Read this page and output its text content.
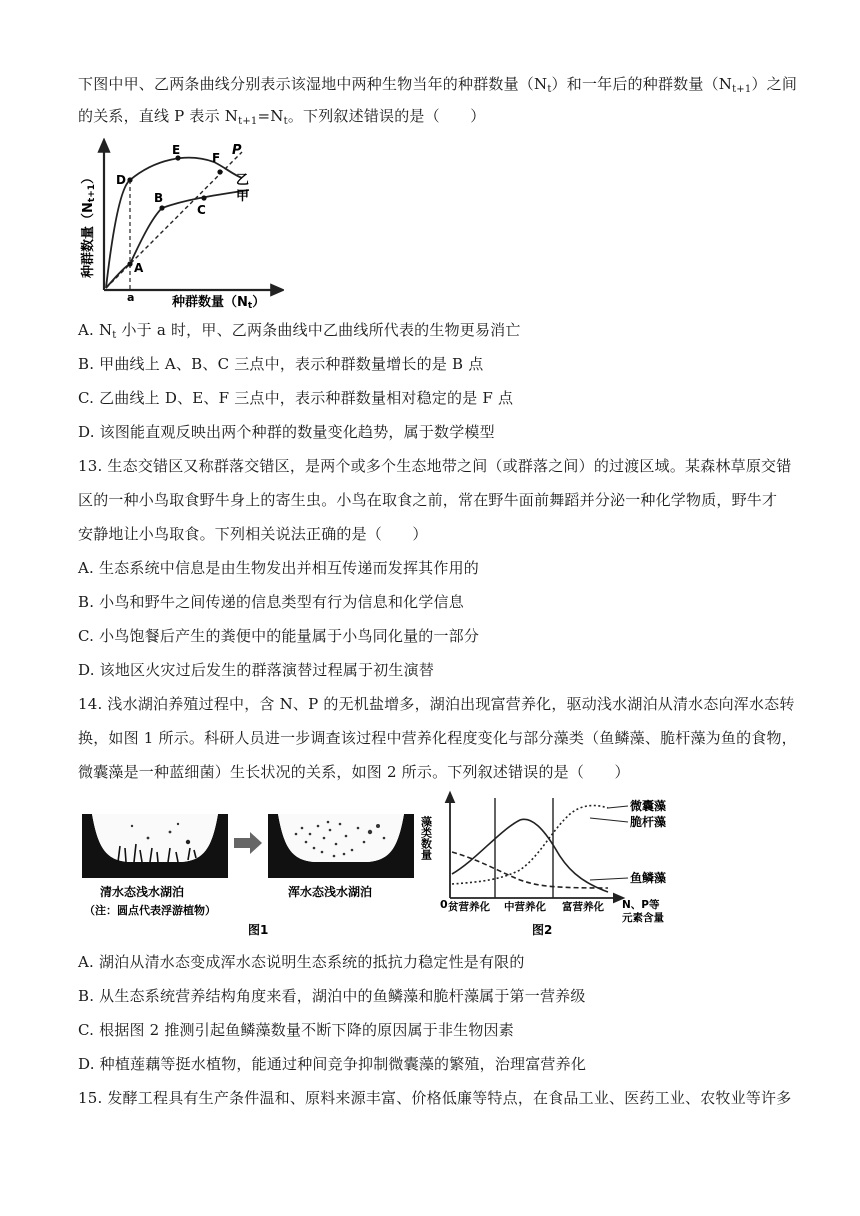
下图中甲、乙两条曲线分别表示该湿地中两种生物当年的种群数量$(N_t)$和一年后的种群数量$(N_{t+1})$之间
的关系，直线 P 表示 $N_{t+1}=N_t$。下列叙述错误的是（　　）
A
B
C
D
E
F P
乙
甲
a	种群数量（Nt）
种群数量（Nt+1）
A. $N_t$ 小于 a 时，甲、乙两条曲线中乙曲线所代表的生物更易消亡
B. 甲曲线上 A、B、C 三点中，表示种群数量增长的是 B 点
C. 乙曲线上 D、E、F 三点中，表示种群数量相对稳定的是 F 点
D. 该图能直观反映出两个种群的数量变化趋势，属于数学模型
13. 生态交错区又称群落交错区，是两个或多个生态地带之间（或群落之间）的过渡区域。某森林草原交错
区的一种小鸟取食野牛身上的寄生虫。小鸟在取食之前，常在野牛面前舞蹈并分泌一种化学物质，野牛才
安静地让小鸟取食。下列相关说法正确的是（　　）
A. 生态系统中信息是由生物发出并相互传递而发挥其作用的
B. 小鸟和野牛之间传递的信息类型有行为信息和化学信息
C. 小鸟饱餐后产生的粪便中的能量属于小鸟同化量的一部分
D. 该地区火灾过后发生的群落演替过程属于初生演替
14. 浅水湖泊养殖过程中，含 N、P 的无机盐增多，湖泊出现富营养化，驱动浅水湖泊从清水态向浑水态转
换，如图 1 所示。科研人员进一步调查该过程中营养化程度变化与部分藻类（鱼鳞藻、脆杆藻为鱼的食物，
微囊藻是一种蓝细菌）生长状况的关系，如图 2 所示。下列叙述错误的是（　　）
清水态浅水湖泊	浑水态浅水湖泊
（注：圆点代表浮游植物）
图1
微囊藻
脆杆藻
鱼鳞藻
藻类数量
0 贫营养化 中营养化 富营养化 N、P等
元素含量
图2
A. 湖泊从清水态变成浑水态说明生态系统的抵抗力稳定性是有限的
B. 从生态系统营养结构角度来看，湖泊中的鱼鳞藻和脆杆藻属于第一营养级
C. 根据图 2 推测引起鱼鳞藻数量不断下降的原因属于非生物因素
D. 种植莲藕等挺水植物，能通过种间竞争抑制微囊藻的繁殖，治理富营养化
15. 发酵工程具有生产条件温和、原料来源丰富、价格低廉等特点，在食品工业、医药工业、农牧业等许多
